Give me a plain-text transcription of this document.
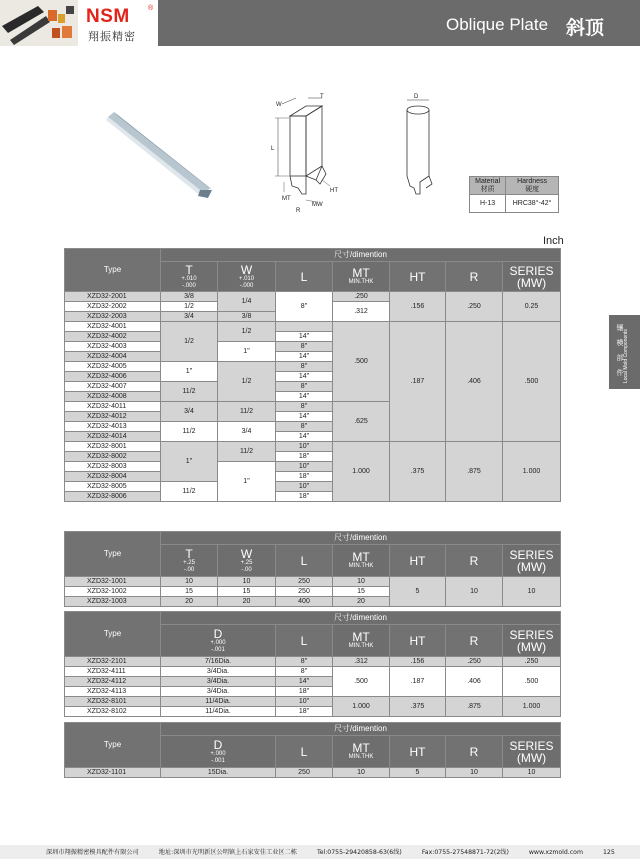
NSM	®
翔振精密
Oblique Plate 斜顶
W
T
L
MT
HT
R
MW
D
Material
材质	Hardness
硬度
H-13	HRC38°-42°
Inch
镶
模
部
件 Local Mold Components
Type	尺寸/dimention						

	T
+.010
-.000	W
+.010
-.000	L	MT
MIN.THK	HT	R	SERIES
(MW)

XZD32-2001	3/8	1/4	8"	.250	.156	.250	0.25
XZD32-2002	1/2			.312			
XZD32-2003	3/4	3/8					
XZD32-4001	1/2	1/2		.500	.187	.406	.500
XZD32-4002			14"				
XZD32-4003		1"	8"				
XZD32-4004			14"				
XZD32-4005	1"	1/2	8"				
XZD32-4006			14"				
XZD32-4007	11/2		8"				
XZD32-4008			14"				
XZD32-4011	3/4	11/2	8"	.625			
XZD32-4012			14"				
XZD32-4013	11/2	3/4	8"				
XZD32-4014			14"				
XZD32-8001	1"	11/2	10"	1.000	.375	.875	1.000
XZD32-8002			18"				
XZD32-8003		1"	10"				
XZD32-8004			18"				
XZD32-8005	11/2		10"				
XZD32-8006			18"				
Type	尺寸/dimention						

	T
+.25
-.00	W
+.25
-.00	L	MT
MIN.THK	HT	R	SERIES
(MW)

XZD32-1001	10	10	250	10	5	10	10
XZD32-1002	15	15	250	15			
XZD32-1003	20	20	400	20			
Type	尺寸/dimention					

	D
+.000
-.001	L	MT
MIN.THK	HT	R	SERIES
(MW)

XZD32-2101	7/16Dia.	8"	.312	.156	.250	.250
XZD32-4111	3/4Dia.	8"	.500	.187	.406	.500
XZD32-4112	3/4Dia.	14"				
XZD32-4113	3/4Dia.	18"				
XZD32-8101	11/4Dia.	10"	1.000	.375	.875	1.000
XZD32-8102	11/4Dia.	18"				
Type	尺寸/dimention					

	D
+.000
-.001	L	MT
MIN.THK	HT	R	SERIES
(MW)

XZD32-1101	15Dia.	250	10	5	10	10
深圳市翔振精密模具配件有限公司	地址:深圳市光明新区公明镇上石家安佳工业区二栋	Tel:0755-29420858-63(6线)	Fax:0755-27548871-72(2线)	www.xzmold.com	125
